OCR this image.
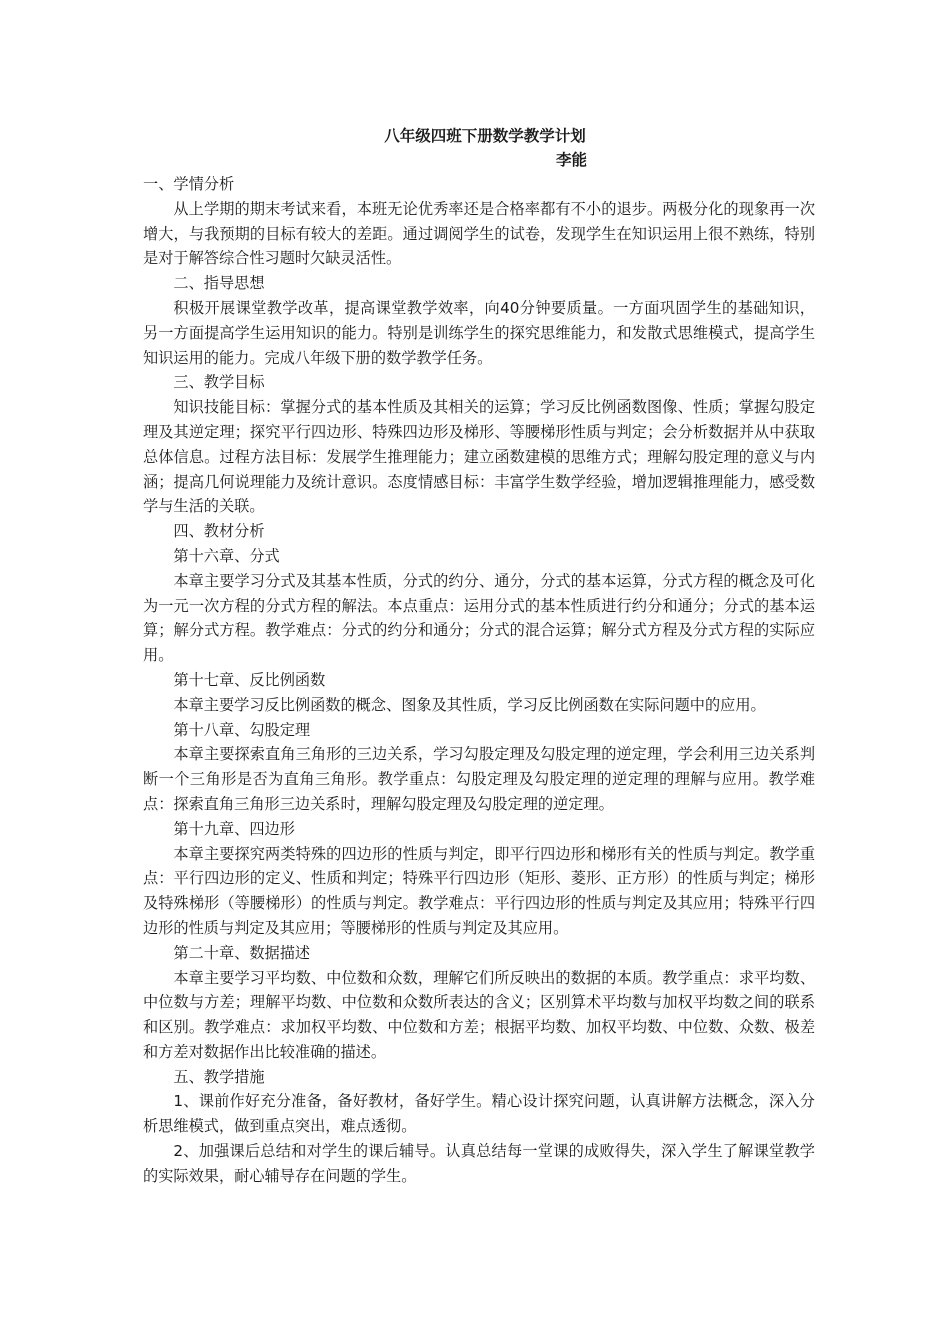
八年级四班下册数学教学计划

李能

一、学情分析

从上学期的期末考试来看，本班无论优秀率还是合格率都有不小的退步。两极分化的现象再一次增大，与我预期的目标有较大的差距。通过调阅学生的试卷，发现学生在知识运用上很不熟练，特别是对于解答综合性习题时欠缺灵活性。

二、指导思想

积极开展课堂教学改革，提高课堂教学效率，向40分钟要质量。一方面巩固学生的基础知识，另一方面提高学生运用知识的能力。特别是训练学生的探究思维能力，和发散式思维模式，提高学生知识运用的能力。完成八年级下册的数学教学任务。

三、教学目标

知识技能目标：掌握分式的基本性质及其相关的运算；学习反比例函数图像、性质；掌握勾股定理及其逆定理；探究平行四边形、特殊四边形及梯形、等腰梯形性质与判定；会分析数据并从中获取总体信息。过程方法目标：发展学生推理能力；建立函数建模的思维方式；理解勾股定理的意义与内涵；提高几何说理能力及统计意识。态度情感目标：丰富学生数学经验，增加逻辑推理能力，感受数学与生活的关联。

四、教材分析

第十六章、分式

本章主要学习分式及其基本性质，分式的约分、通分，分式的基本运算，分式方程的概念及可化为一元一次方程的分式方程的解法。本点重点：运用分式的基本性质进行约分和通分；分式的基本运算；解分式方程。教学难点：分式的约分和通分；分式的混合运算；解分式方程及分式方程的实际应用。

第十七章、反比例函数

本章主要学习反比例函数的概念、图象及其性质，学习反比例函数在实际问题中的应用。

第十八章、勾股定理

本章主要探索直角三角形的三边关系，学习勾股定理及勾股定理的逆定理，学会利用三边关系判断一个三角形是否为直角三角形。教学重点：勾股定理及勾股定理的逆定理的理解与应用。教学难点：探索直角三角形三边关系时，理解勾股定理及勾股定理的逆定理。

第十九章、四边形

本章主要探究两类特殊的四边形的性质与判定，即平行四边形和梯形有关的性质与判定。教学重点：平行四边形的定义、性质和判定；特殊平行四边形（矩形、菱形、正方形）的性质与判定；梯形及特殊梯形（等腰梯形）的性质与判定。教学难点：平行四边形的性质与判定及其应用；特殊平行四边形的性质与判定及其应用；等腰梯形的性质与判定及其应用。

第二十章、数据描述

本章主要学习平均数、中位数和众数，理解它们所反映出的数据的本质。教学重点：求平均数、中位数与方差；理解平均数、中位数和众数所表达的含义；区别算术平均数与加权平均数之间的联系和区别。教学难点：求加权平均数、中位数和方差；根据平均数、加权平均数、中位数、众数、极差和方差对数据作出比较准确的描述。

五、教学措施

1、课前作好充分准备，备好教材，备好学生。精心设计探究问题，认真讲解方法概念，深入分析思维模式，做到重点突出，难点透彻。

2、加强课后总结和对学生的课后辅导。认真总结每一堂课的成败得失，深入学生了解课堂教学的实际效果，耐心辅导存在问题的学生。
